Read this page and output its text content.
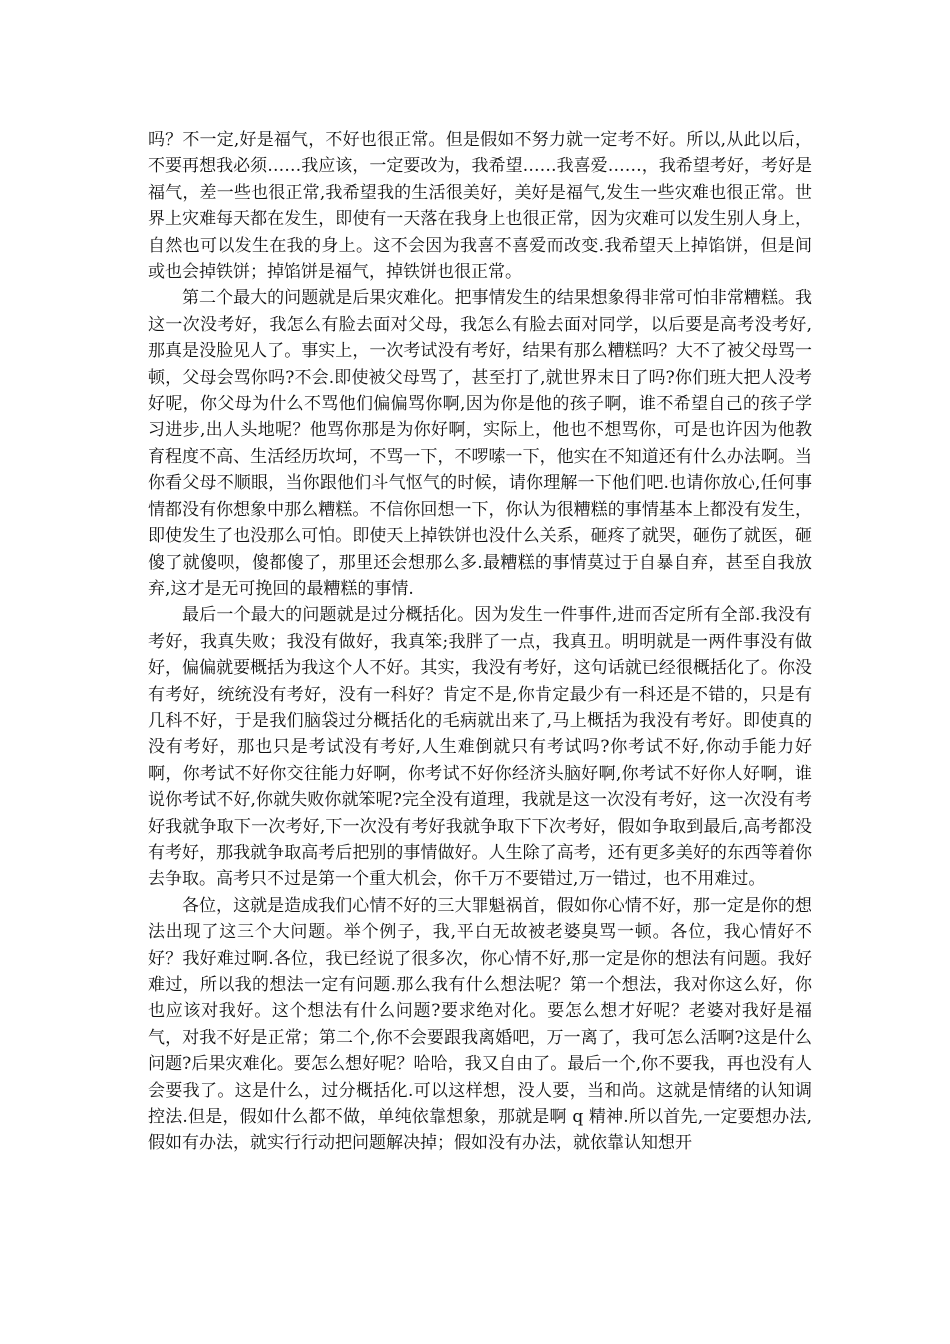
吗？不一定,好是福气，不好也很正常。但是假如不努力就一定考不好。所以,从此以后，不要再想我必须……我应该，一定要改为，我希望……我喜爱……，我希望考好，考好是福气，差一些也很正常,我希望我的生活很美好，美好是福气,发生一些灾难也很正常。世界上灾难每天都在发生，即使有一天落在我身上也很正常，因为灾难可以发生别人身上，自然也可以发生在我的身上。这不会因为我喜不喜爱而改变.我希望天上掉馅饼，但是间或也会掉铁饼；掉馅饼是福气，掉铁饼也很正常。

第二个最大的问题就是后果灾难化。把事情发生的结果想象得非常可怕非常糟糕。我这一次没考好，我怎么有脸去面对父母，我怎么有脸去面对同学，以后要是高考没考好,那真是没脸见人了。事实上，一次考试没有考好，结果有那么糟糕吗？大不了被父母骂一顿，父母会骂你吗?不会.即使被父母骂了，甚至打了,就世界末日了吗?你们班大把人没考好呢，你父母为什么不骂他们偏偏骂你啊,因为你是他的孩子啊，谁不希望自己的孩子学习进步,出人头地呢？他骂你那是为你好啊，实际上，他也不想骂你，可是也许因为他教育程度不高、生活经历坎坷，不骂一下，不啰嗦一下，他实在不知道还有什么办法啊。当你看父母不顺眼，当你跟他们斗气怄气的时候，请你理解一下他们吧.也请你放心,任何事情都没有你想象中那么糟糕。不信你回想一下，你认为很糟糕的事情基本上都没有发生，即使发生了也没那么可怕。即使天上掉铁饼也没什么关系，砸疼了就哭，砸伤了就医，砸傻了就傻呗，傻都傻了，那里还会想那么多.最糟糕的事情莫过于自暴自弃，甚至自我放弃,这才是无可挽回的最糟糕的事情.

最后一个最大的问题就是过分概括化。因为发生一件事件,进而否定所有全部.我没有考好，我真失败；我没有做好，我真笨;我胖了一点，我真丑。明明就是一两件事没有做好，偏偏就要概括为我这个人不好。其实，我没有考好，这句话就已经很概括化了。你没有考好，统统没有考好，没有一科好？肯定不是,你肯定最少有一科还是不错的，只是有几科不好，于是我们脑袋过分概括化的毛病就出来了,马上概括为我没有考好。即使真的没有考好，那也只是考试没有考好,人生难倒就只有考试吗?你考试不好,你动手能力好啊，你考试不好你交往能力好啊，你考试不好你经济头脑好啊,你考试不好你人好啊，谁说你考试不好,你就失败你就笨呢?完全没有道理，我就是这一次没有考好，这一次没有考好我就争取下一次考好,下一次没有考好我就争取下下次考好，假如争取到最后,高考都没有考好，那我就争取高考后把别的事情做好。人生除了高考，还有更多美好的东西等着你去争取。高考只不过是第一个重大机会，你千万不要错过,万一错过，也不用难过。

各位，这就是造成我们心情不好的三大罪魁祸首，假如你心情不好，那一定是你的想法出现了这三个大问题。举个例子，我,平白无故被老婆臭骂一顿。各位，我心情好不好？我好难过啊.各位，我已经说了很多次，你心情不好,那一定是你的想法有问题。我好难过，所以我的想法一定有问题.那么我有什么想法呢？第一个想法，我对你这么好，你也应该对我好。这个想法有什么问题?要求绝对化。要怎么想才好呢？老婆对我好是福气，对我不好是正常；第二个,你不会要跟我离婚吧，万一离了，我可怎么活啊?这是什么问题?后果灾难化。要怎么想好呢？哈哈，我又自由了。最后一个,你不要我，再也没有人会要我了。这是什么，过分概括化.可以这样想，没人要，当和尚。这就是情绪的认知调控法.但是，假如什么都不做，单纯依靠想象，那就是啊 q 精神.所以首先,一定要想办法,假如有办法，就实行行动把问题解决掉；假如没有办法，就依靠认知想开
